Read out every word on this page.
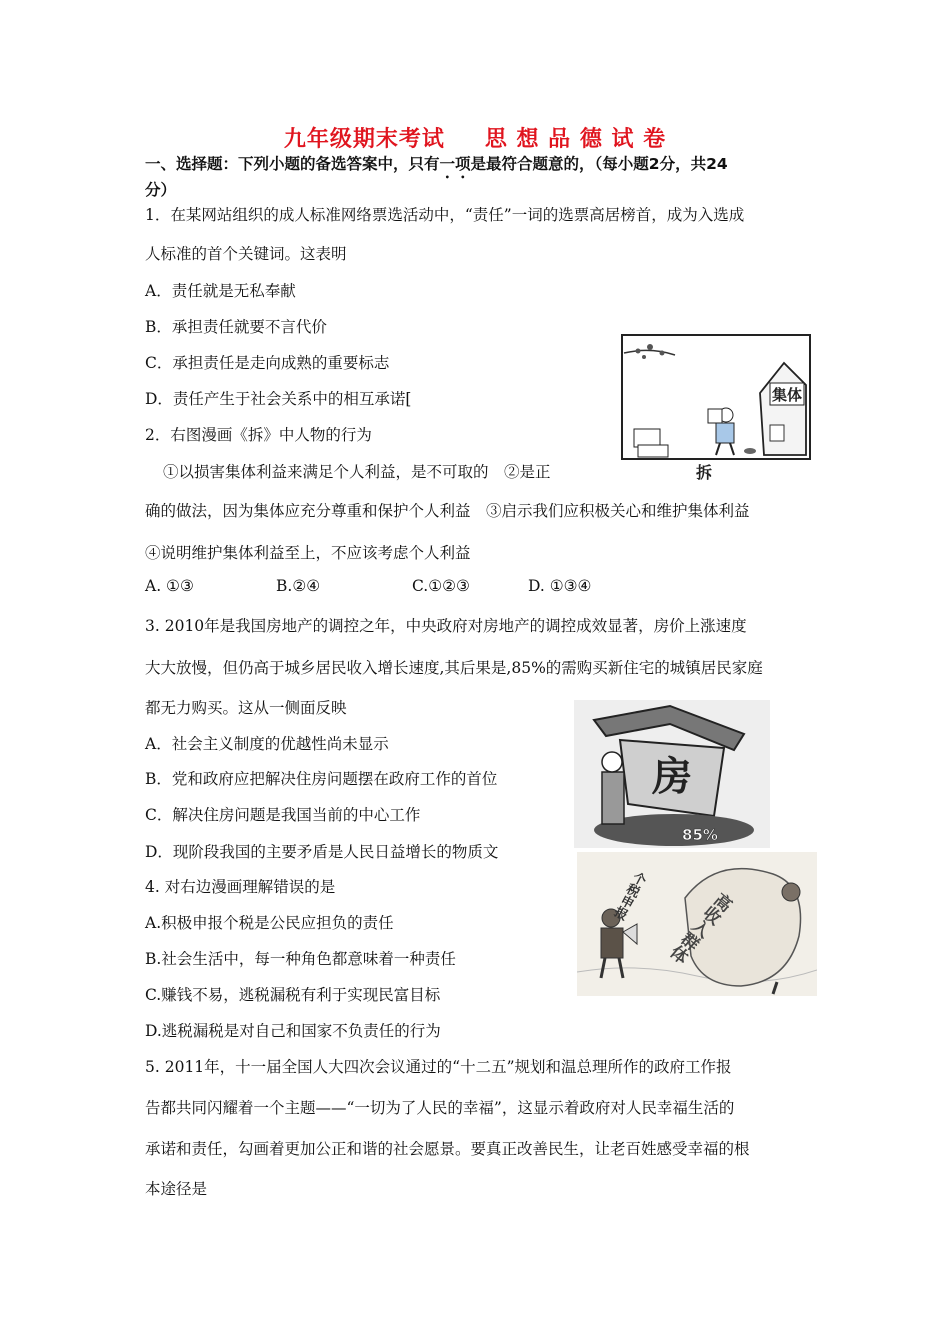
九年级期末考试 思 想 品 德 试 卷
一、选择题：下列小题的备选答案中，只有一项是最符合题意的，（每小题2分，共24
分）
1．在某网站组织的成人标准网络票选活动中，“责任”一词的选票高居榜首，成为入选成
人标准的首个关键词。这表明
A．责任就是无私奉献
B．承担责任就要不言代价
C．承担责任是走向成熟的重要标志
D．责任产生于社会关系中的相互承诺[
2．右图漫画《拆》中人物的行为
①以损害集体利益来满足个人利益，是不可取的　②是正
确的做法，因为集体应充分尊重和保护个人利益　③启示我们应积极关心和维护集体利益
④说明维护集体利益至上，不应该考虑个人利益
A. ①③	B.②④	C.①②③	D. ①③④
集体
拆
3. 2010年是我国房地产的调控之年，中央政府对房地产的调控成效显著，房价上涨速度
大大放慢，但仍高于城乡居民收入增长速度,其后果是,85%的需购买新住宅的城镇居民家庭
都无力购买。这从一侧面反映
A．社会主义制度的优越性尚未显示
B．党和政府应把解决住房问题摆在政府工作的首位
C．解决住房问题是我国当前的中心工作
D．现阶段我国的主要矛盾是人民日益增长的物质文
房
85%
个税申报 高收入群体
4. 对右边漫画理解错误的是
A.积极申报个税是公民应担负的责任
B.社会生活中，每一种角色都意味着一种责任
C.赚钱不易，逃税漏税有利于实现民富目标
D.逃税漏税是对自己和国家不负责任的行为
5. 2011年，十一届全国人大四次会议通过的“十二五”规划和温总理所作的政府工作报
告都共同闪耀着一个主题——“一切为了人民的幸福”，这显示着政府对人民幸福生活的
承诺和责任，勾画着更加公正和谐的社会愿景。要真正改善民生，让老百姓感受幸福的根
本途径是
